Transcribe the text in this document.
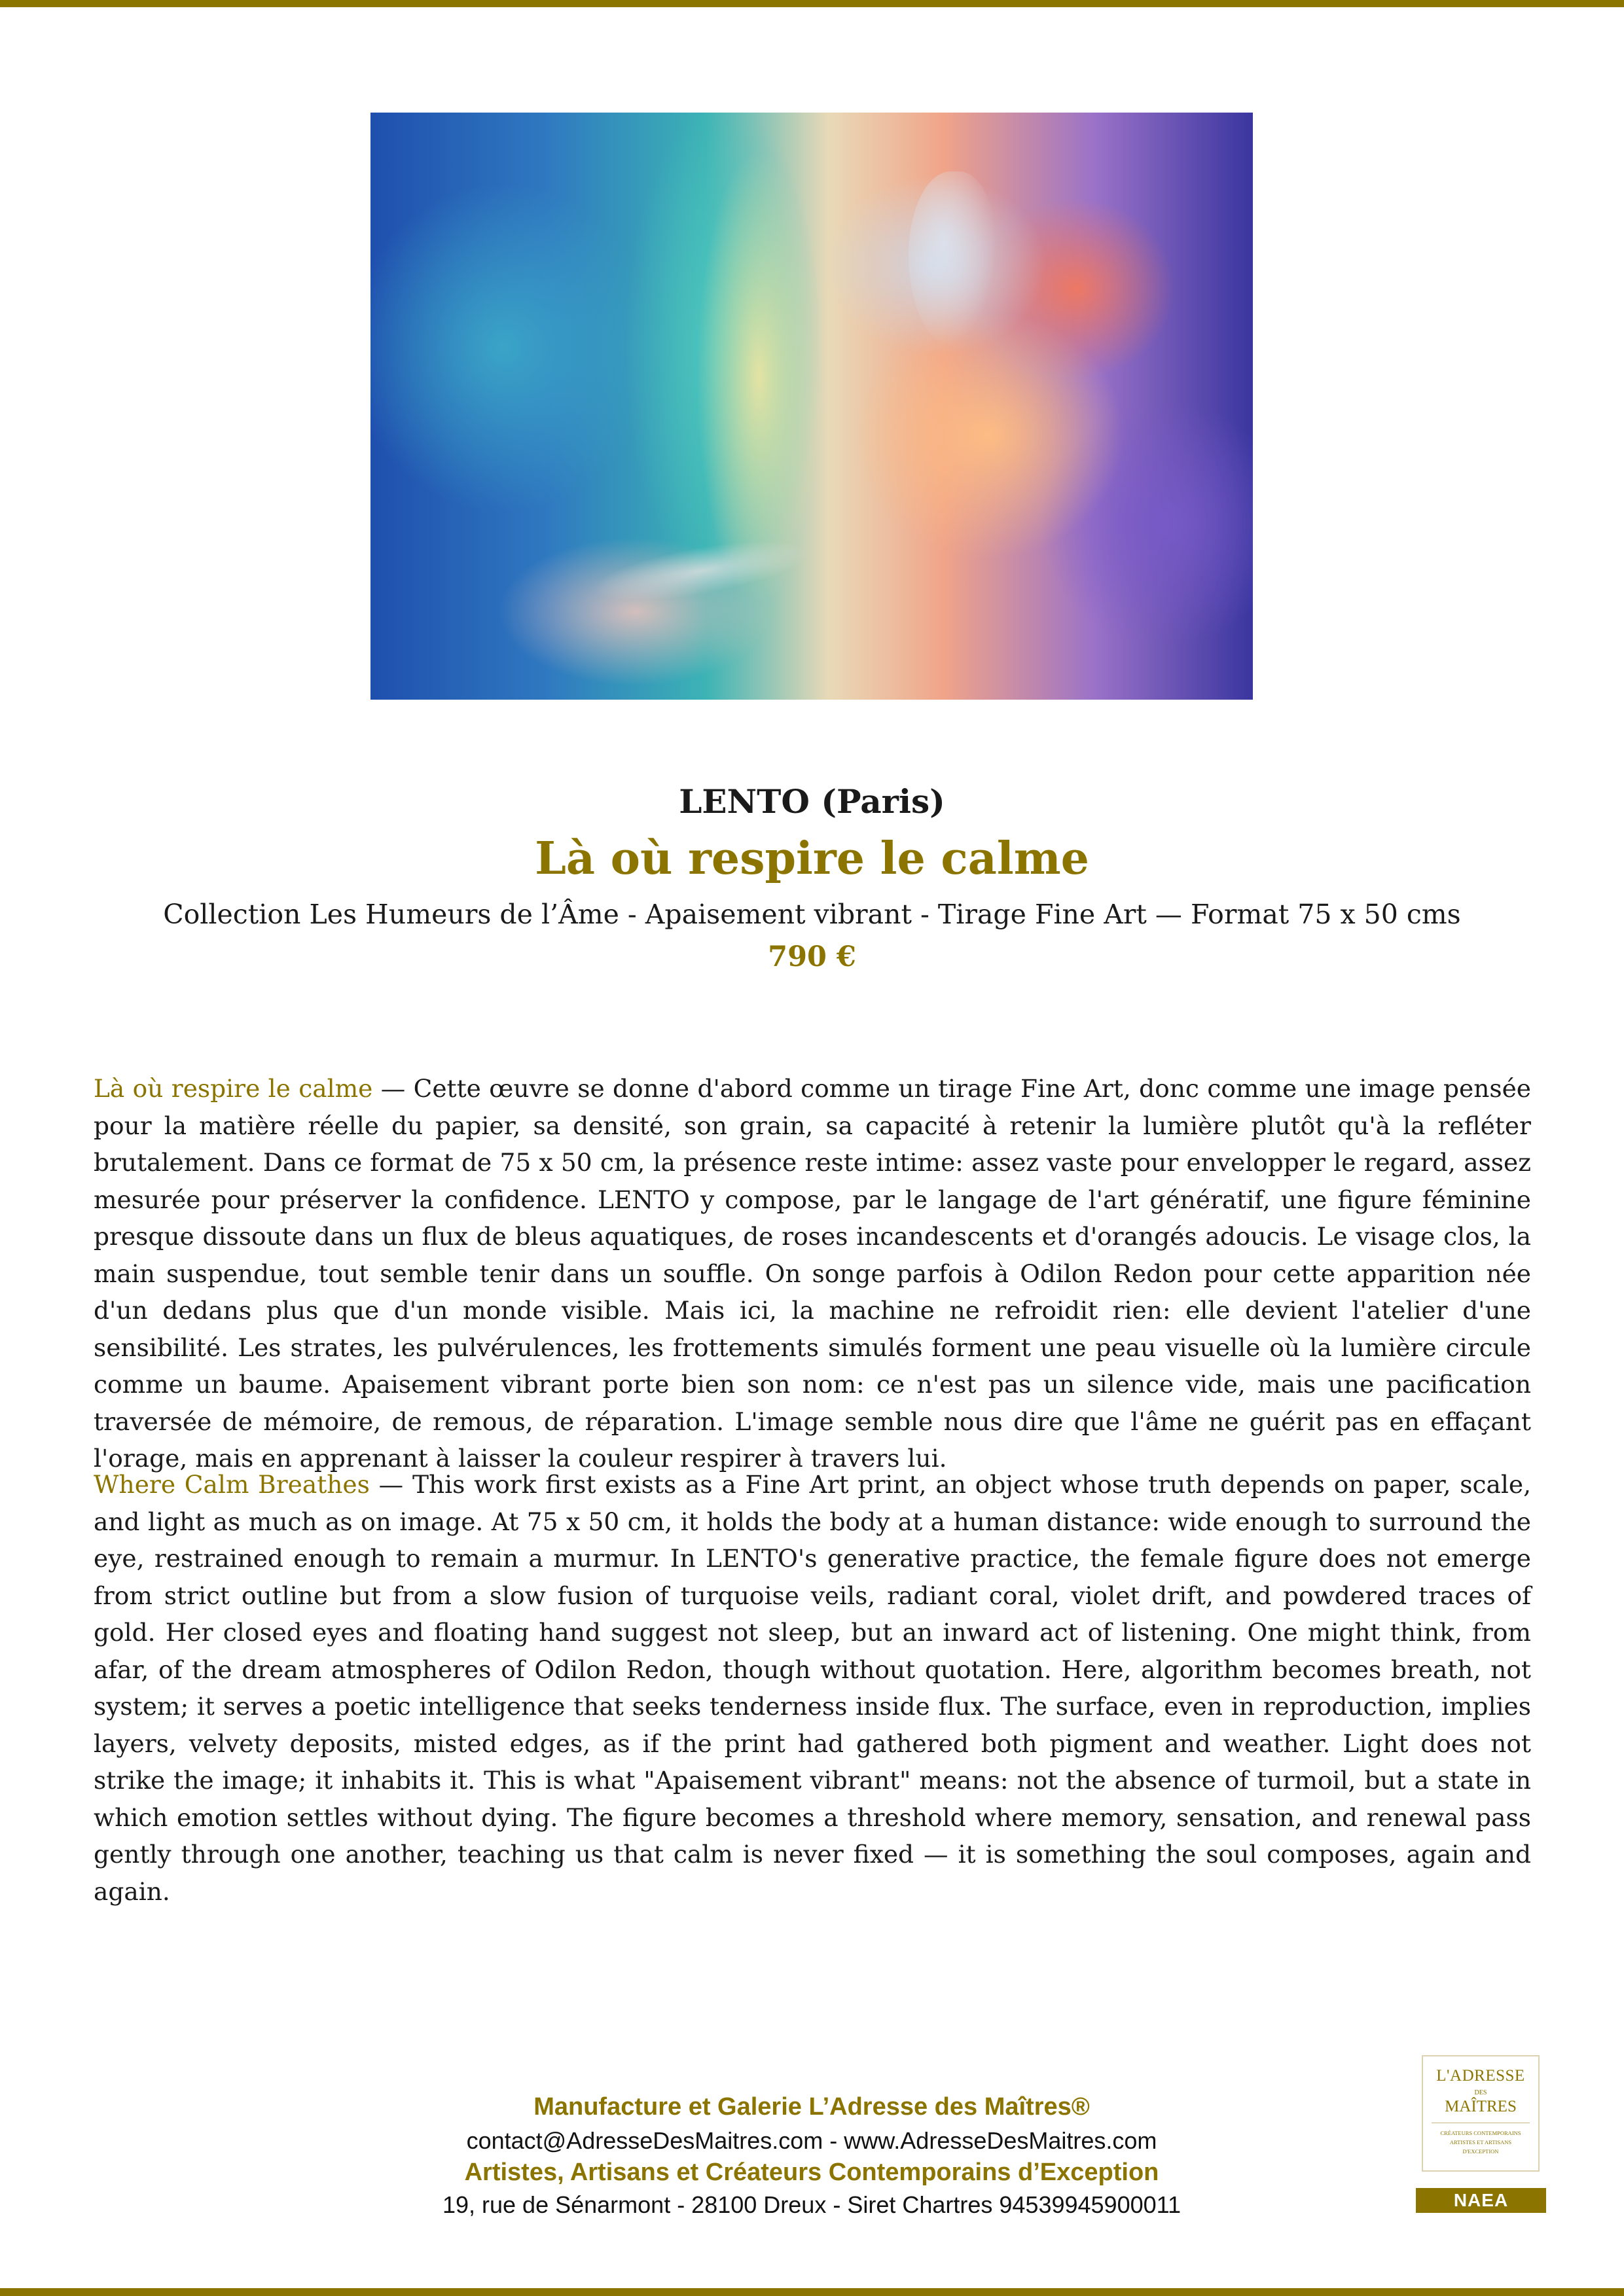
LENTO (Paris)
Là où respire le calme
Collection Les Humeurs de l’Âme - Apaisement vibrant - Tirage Fine Art — Format 75 x 50 cms
790 €

Là où respire le calme — Cette œuvre se donne d'abord comme un tirage Fine Art, donc comme une image pensée pour la matière réelle du papier, sa densité, son grain, sa capacité à retenir la lumière plutôt qu'à la refléter brutalement. Dans ce format de 75 x 50 cm, la présence reste intime: assez vaste pour envelopper le regard, assez mesurée pour préserver la confidence. LENTO y compose, par le langage de l'art génératif, une figure féminine presque dissoute dans un flux de bleus aquatiques, de roses incandescents et d'orangés adoucis. Le visage clos, la main suspendue, tout semble tenir dans un souffle. On songe parfois à Odilon Redon pour cette apparition née d'un dedans plus que d'un monde visible. Mais ici, la machine ne refroidit rien: elle devient l'atelier d'une sensibilité. Les strates, les pulvérulences, les frottements simulés forment une peau visuelle où la lumière circule comme un baume. Apaisement vibrant porte bien son nom: ce n'est pas un silence vide, mais une pacification traversée de mémoire, de remous, de réparation. L'image semble nous dire que l'âme ne guérit pas en effaçant l'orage, mais en apprenant à laisser la couleur respirer à travers lui.

Where Calm Breathes — This work first exists as a Fine Art print, an object whose truth depends on paper, scale, and light as much as on image. At 75 x 50 cm, it holds the body at a human distance: wide enough to surround the eye, restrained enough to remain a murmur. In LENTO's generative practice, the female figure does not emerge from strict outline but from a slow fusion of turquoise veils, radiant coral, violet drift, and powdered traces of gold. Her closed eyes and floating hand suggest not sleep, but an inward act of listening. One might think, from afar, of the dream atmospheres of Odilon Redon, though without quotation. Here, algorithm becomes breath, not system; it serves a poetic intelligence that seeks tenderness inside flux. The surface, even in reproduction, implies layers, velvety deposits, misted edges, as if the print had gathered both pigment and weather. Light does not strike the image; it inhabits it. This is what "Apaisement vibrant" means: not the absence of turmoil, but a state in which emotion settles without dying. The figure becomes a threshold where memory, sensation, and renewal pass gently through one another, teaching us that calm is never fixed — it is something the soul composes, again and again.

Manufacture et Galerie L’Adresse des Maîtres®
contact@AdresseDesMaitres.com - www.AdresseDesMaitres.com
Artistes, Artisans et Créateurs Contemporains d’Exception
19, rue de Sénarmont - 28100 Dreux - Siret Chartres 94539945900011
L'ADRESSE
DES
MAÎTRES
CRÉATEURS CONTEMPORAINS
ARTISTES ET ARTISANS
D'EXCEPTION
NAEA
